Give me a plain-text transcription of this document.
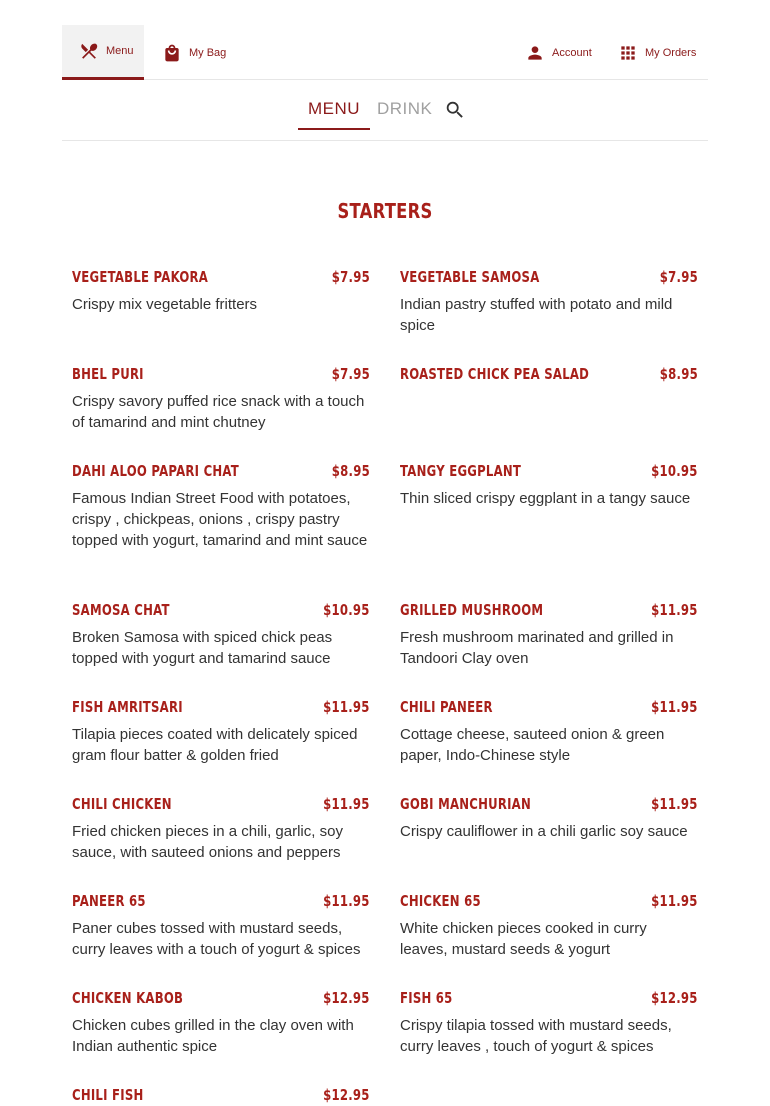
Menu	My Bag	Account	My Orders
MENU DRINK
STARTERS
VEGETABLE PAKORA	$7.95
Crispy mix vegetable fritters
VEGETABLE SAMOSA	$7.95
Indian pastry stuffed with potato and mild spice
BHEL PURI	$7.95
Crispy savory puffed rice snack with a touch of tamarind and mint chutney
ROASTED CHICK PEA SALAD	$8.95
DAHI ALOO PAPARI CHAT	$8.95
Famous Indian Street Food with potatoes, crispy , chickpeas, onions , crispy pastry topped with yogurt, tamarind and mint sauce
TANGY EGGPLANT	$10.95
Thin sliced crispy eggplant in a tangy sauce
SAMOSA CHAT	$10.95
Broken Samosa with spiced chick peas topped with yogurt and tamarind sauce
GRILLED MUSHROOM	$11.95
Fresh mushroom marinated and grilled in Tandoori Clay oven
FISH AMRITSARI	$11.95
Tilapia pieces coated with delicately spiced gram flour batter & golden fried
CHILI PANEER	$11.95
Cottage cheese, sauteed onion & green paper, Indo-Chinese style
CHILI CHICKEN	$11.95
Fried chicken pieces in a chili, garlic, soy sauce, with sauteed onions and peppers
GOBI MANCHURIAN	$11.95
Crispy cauliflower in a chili garlic soy sauce
PANEER 65	$11.95
Paner cubes tossed with mustard seeds, curry leaves with a touch of yogurt & spices
CHICKEN 65	$11.95
White chicken pieces cooked in curry leaves, mustard seeds & yogurt
CHICKEN KABOB	$12.95
Chicken cubes grilled in the clay oven with Indian authentic spice
FISH 65	$12.95
Crispy tilapia tossed with mustard seeds, curry leaves , touch of yogurt & spices
CHILI FISH	$12.95
